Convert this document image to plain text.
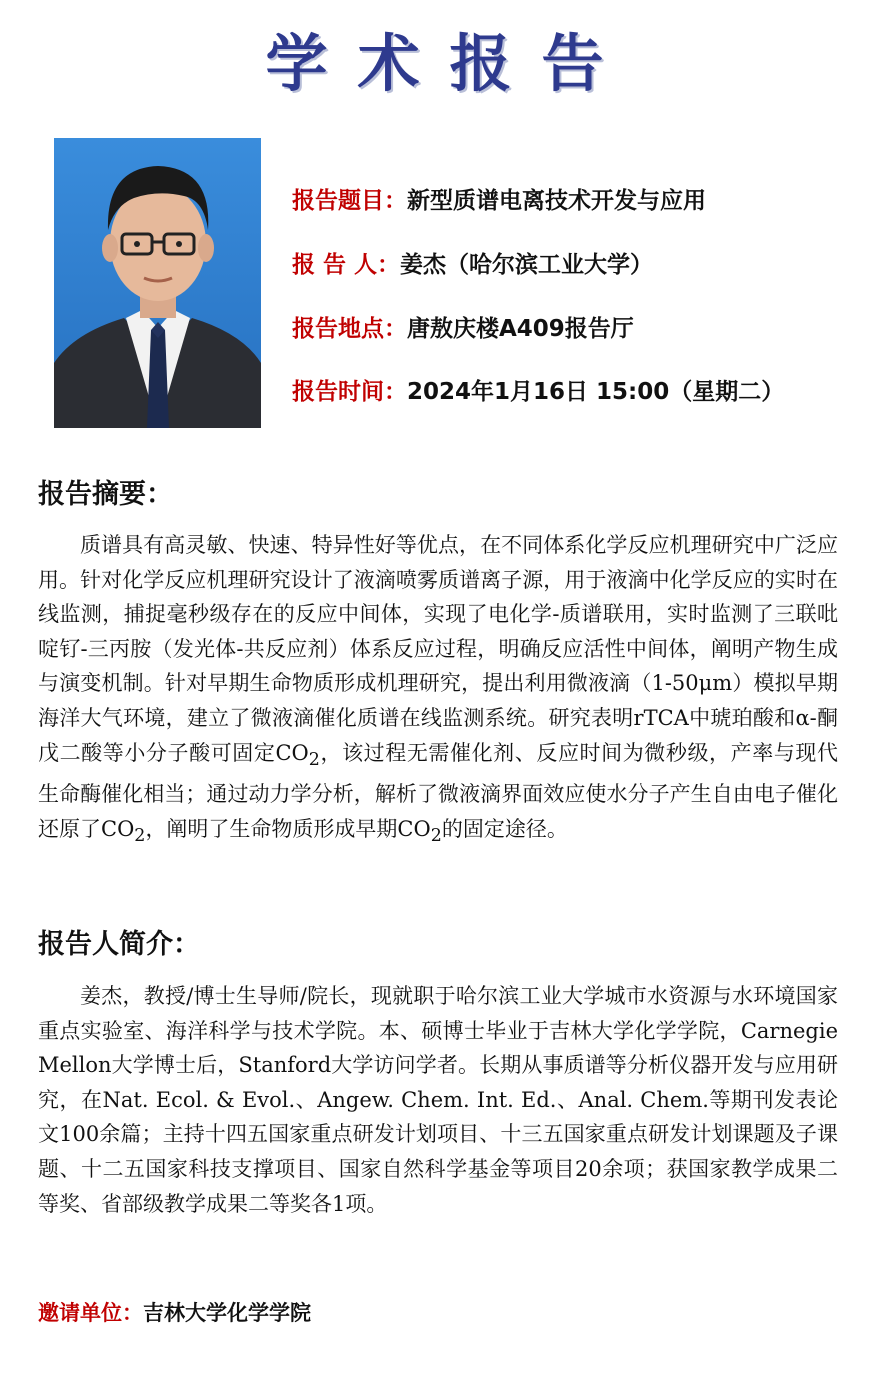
学术报告
报告题目：新型质谱电离技术开发与应用
报 告 人：姜杰（哈尔滨工业大学）
报告地点：唐敖庆楼A409报告厅
报告时间：2024年1月16日 15:00（星期二）
报告摘要：
质谱具有高灵敏、快速、特异性好等优点，在不同体系化学反应机理研究中广泛应用。针对化学反应机理研究设计了液滴喷雾质谱离子源，用于液滴中化学反应的实时在线监测，捕捉毫秒级存在的反应中间体，实现了电化学-质谱联用，实时监测了三联吡啶钌-三丙胺（发光体-共反应剂）体系反应过程，明确反应活性中间体，阐明产物生成与演变机制。针对早期生命物质形成机理研究，提出利用微液滴（1-50μm）模拟早期海洋大气环境，建立了微液滴催化质谱在线监测系统。研究表明rTCA中琥珀酸和α-酮戊二酸等小分子酸可固定$CO_2$，该过程无需催化剂、反应时间为微秒级，产率与现代生命酶催化相当；通过动力学分析，解析了微液滴界面效应使水分子产生自由电子催化还原了$CO_2$，阐明了生命物质形成早期$CO_2$的固定途径。
报告人简介：
姜杰，教授/博士生导师/院长，现就职于哈尔滨工业大学城市水资源与水环境国家重点实验室、海洋科学与技术学院。本、硕博士毕业于吉林大学化学学院，Carnegie Mellon大学博士后，Stanford大学访问学者。长期从事质谱等分析仪器开发与应用研究，在Nat. Ecol. & Evol.、Angew. Chem. Int. Ed.、Anal. Chem.等期刊发表论文100余篇；主持十四五国家重点研发计划项目、十三五国家重点研发计划课题及子课题、十二五国家科技支撑项目、国家自然科学基金等项目20余项；获国家教学成果二等奖、省部级教学成果二等奖各1项。
邀请单位：吉林大学化学学院
